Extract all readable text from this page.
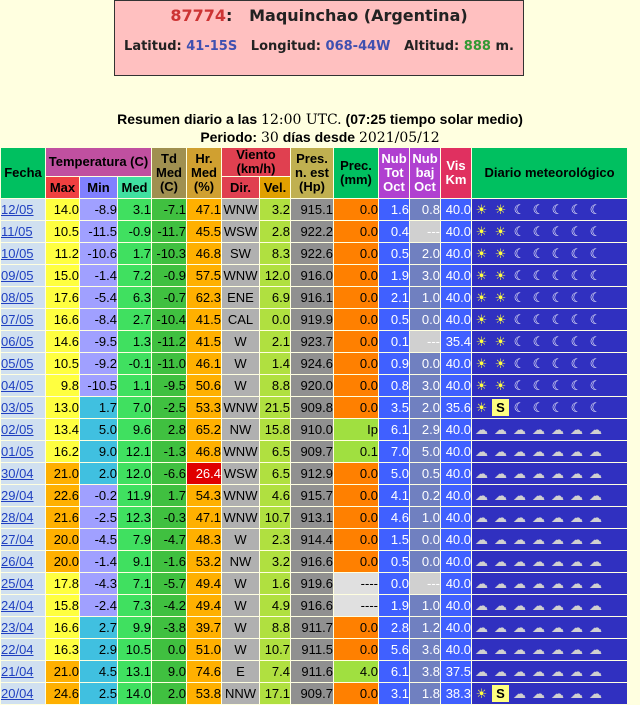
87774:   Maquinchao (Argentina)
Latitud: 41-15S Longitud: 068-44W Altitud: 888 m.
Resumen diario a las 12:00 UTC. (07:25 tiempo solar medio)
Periodo: 30 días desde 2021/05/12
Fecha	Temperatura (C)			Td Med (C)	Hr. Med (%)	Viento (km/h)		Pres. n. est (Hp)	Prec. (mm)	Nub Tot Oct	Nub baj Oct	Vis Km	Diario meteorológico
	Max	Min	Med			Dir.	Vel.						
12/05	14.0	-8.9	3.1	-7.1	47.1	WNW	3.2	915.1	0.0	1.6	0.8	40.0	☀ ☀ ☾ ☾ ☾ ☾ ☾
11/05	10.5	-11.5	-0.9	-11.7	45.5	WSW	2.8	922.2	0.0	0.4	---	40.0	☀ ☀ ☾ ☾ ☾ ☾ ☾
10/05	11.2	-10.6	1.7	-10.3	46.8	SW	8.3	922.6	0.0	0.5	2.0	40.0	☀ ☀ ☾ ☾ ☾ ☾ ☾
09/05	15.0	-1.4	7.2	-0.9	57.5	WNW	12.0	916.0	0.0	1.9	3.0	40.0	☀ ☀ ☾ ☾ ☾ ☾ ☾
08/05	17.6	-5.4	6.3	-0.7	62.3	ENE	6.9	916.1	0.0	2.1	1.0	40.0	☀ ☀ ☾ ☾ ☾ ☾ ☾
07/05	16.6	-8.4	2.7	-10.4	41.5	CAL	0.0	919.9	0.0	0.5	0.0	40.0	☀ ☀ ☾ ☾ ☾ ☾ ☾
06/05	14.6	-9.5	1.3	-11.2	41.5	W	2.1	923.7	0.0	0.1	---	35.4	☀ ☀ ☾ ☾ ☾ ☾ ☾
05/05	10.5	-9.2	-0.1	-11.0	46.1	W	1.4	924.6	0.0	0.9	0.0	40.0	☀ ☀ ☾ ☾ ☾ ☾ ☾
04/05	9.8	-10.5	1.1	-9.5	50.6	W	8.8	920.0	0.0	0.8	3.0	40.0	☀ ☀ ☾ ☾ ☾ ☾ ☾
03/05	13.0	1.7	7.0	-2.5	53.3	WNW	21.5	909.8	0.0	3.5	2.0	35.6	☀ S ☾ ☾ ☾ ☾ ☾
02/05	13.4	5.0	9.6	2.8	65.2	NW	15.8	910.0	Ip	6.1	2.9	40.0	☁ ☁ ☁ ☁ ☁ ☁ ☁
01/05	16.2	9.0	12.1	-1.3	46.8	WNW	6.5	909.7	0.1	7.0	5.0	40.0	☁ ☁ ☁ ☁ ☁ ☁ ☁
30/04	21.0	2.0	12.0	-6.6	26.4	WSW	6.5	912.9	0.0	5.0	0.5	40.0	☁ ☁ ☁ ☁ ☁ ☁ ☁
29/04	22.6	-0.2	11.9	1.7	54.3	WNW	4.6	915.7	0.0	4.1	0.2	40.0	☁ ☁ ☁ ☁ ☁ ☁ ☁
28/04	21.6	-2.5	12.3	-0.3	47.1	WNW	10.7	913.1	0.0	4.6	1.0	40.0	☁ ☁ ☁ ☁ ☁ ☁ ☁
27/04	20.0	-4.5	7.9	-4.7	48.3	W	2.3	914.4	0.0	1.5	0.0	40.0	☁ ☁ ☁ ☁ ☁ ☁ ☁
26/04	20.0	-1.4	9.1	-1.6	53.2	NW	3.2	916.6	0.0	0.5	0.0	40.0	☁ ☁ ☁ ☁ ☁ ☁ ☁
25/04	17.8	-4.3	7.1	-5.7	49.4	W	1.6	919.6	----	0.0	---	40.0	☁ ☁ ☁ ☁ ☁ ☁ ☁
24/04	15.8	-2.4	7.3	-4.2	49.4	W	4.9	916.6	----	1.9	1.0	40.0	☁ ☁ ☁ ☁ ☁ ☁ ☁
23/04	16.6	2.7	9.9	-3.8	39.7	W	8.8	911.7	0.0	2.8	1.2	40.0	☁ ☁ ☁ ☁ ☁ ☁ ☁
22/04	16.3	2.9	10.5	0.0	51.0	W	10.7	911.5	0.0	5.6	3.6	40.0	☁ ☁ ☁ ☁ ☁ ☁ ☁
21/04	21.0	4.5	13.1	9.0	74.6	E	7.4	911.6	4.0	6.1	3.8	37.5	☁ ☁ ☁ ☁ ☁ ☁ ☁
20/04	24.6	2.5	14.0	2.0	53.8	NNW	17.1	909.7	0.0	3.1	1.8	38.3	☀ S ☁ ☁ ☁ ☁ ☁
